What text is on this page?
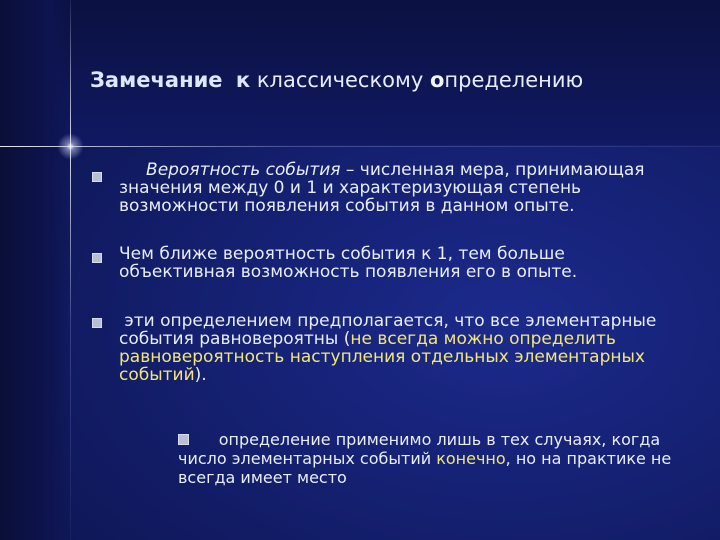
Замечание к классическому определению
Вероятность события – численная мера, принимающая
значения между 0 и 1 и характеризующая степень
возможности появления события в данном опыте.
Чем ближе вероятность события к 1, тем больше
объективная возможность появления его в опыте.
эти определением предполагается, что все элементарные
события равновероятны (не всегда можно определить
равновероятность наступления отдельных элементарных
событий).
определение применимо лишь в тех случаях, когда
число элементарных событий конечно, но на практике не
всегда имеет место
